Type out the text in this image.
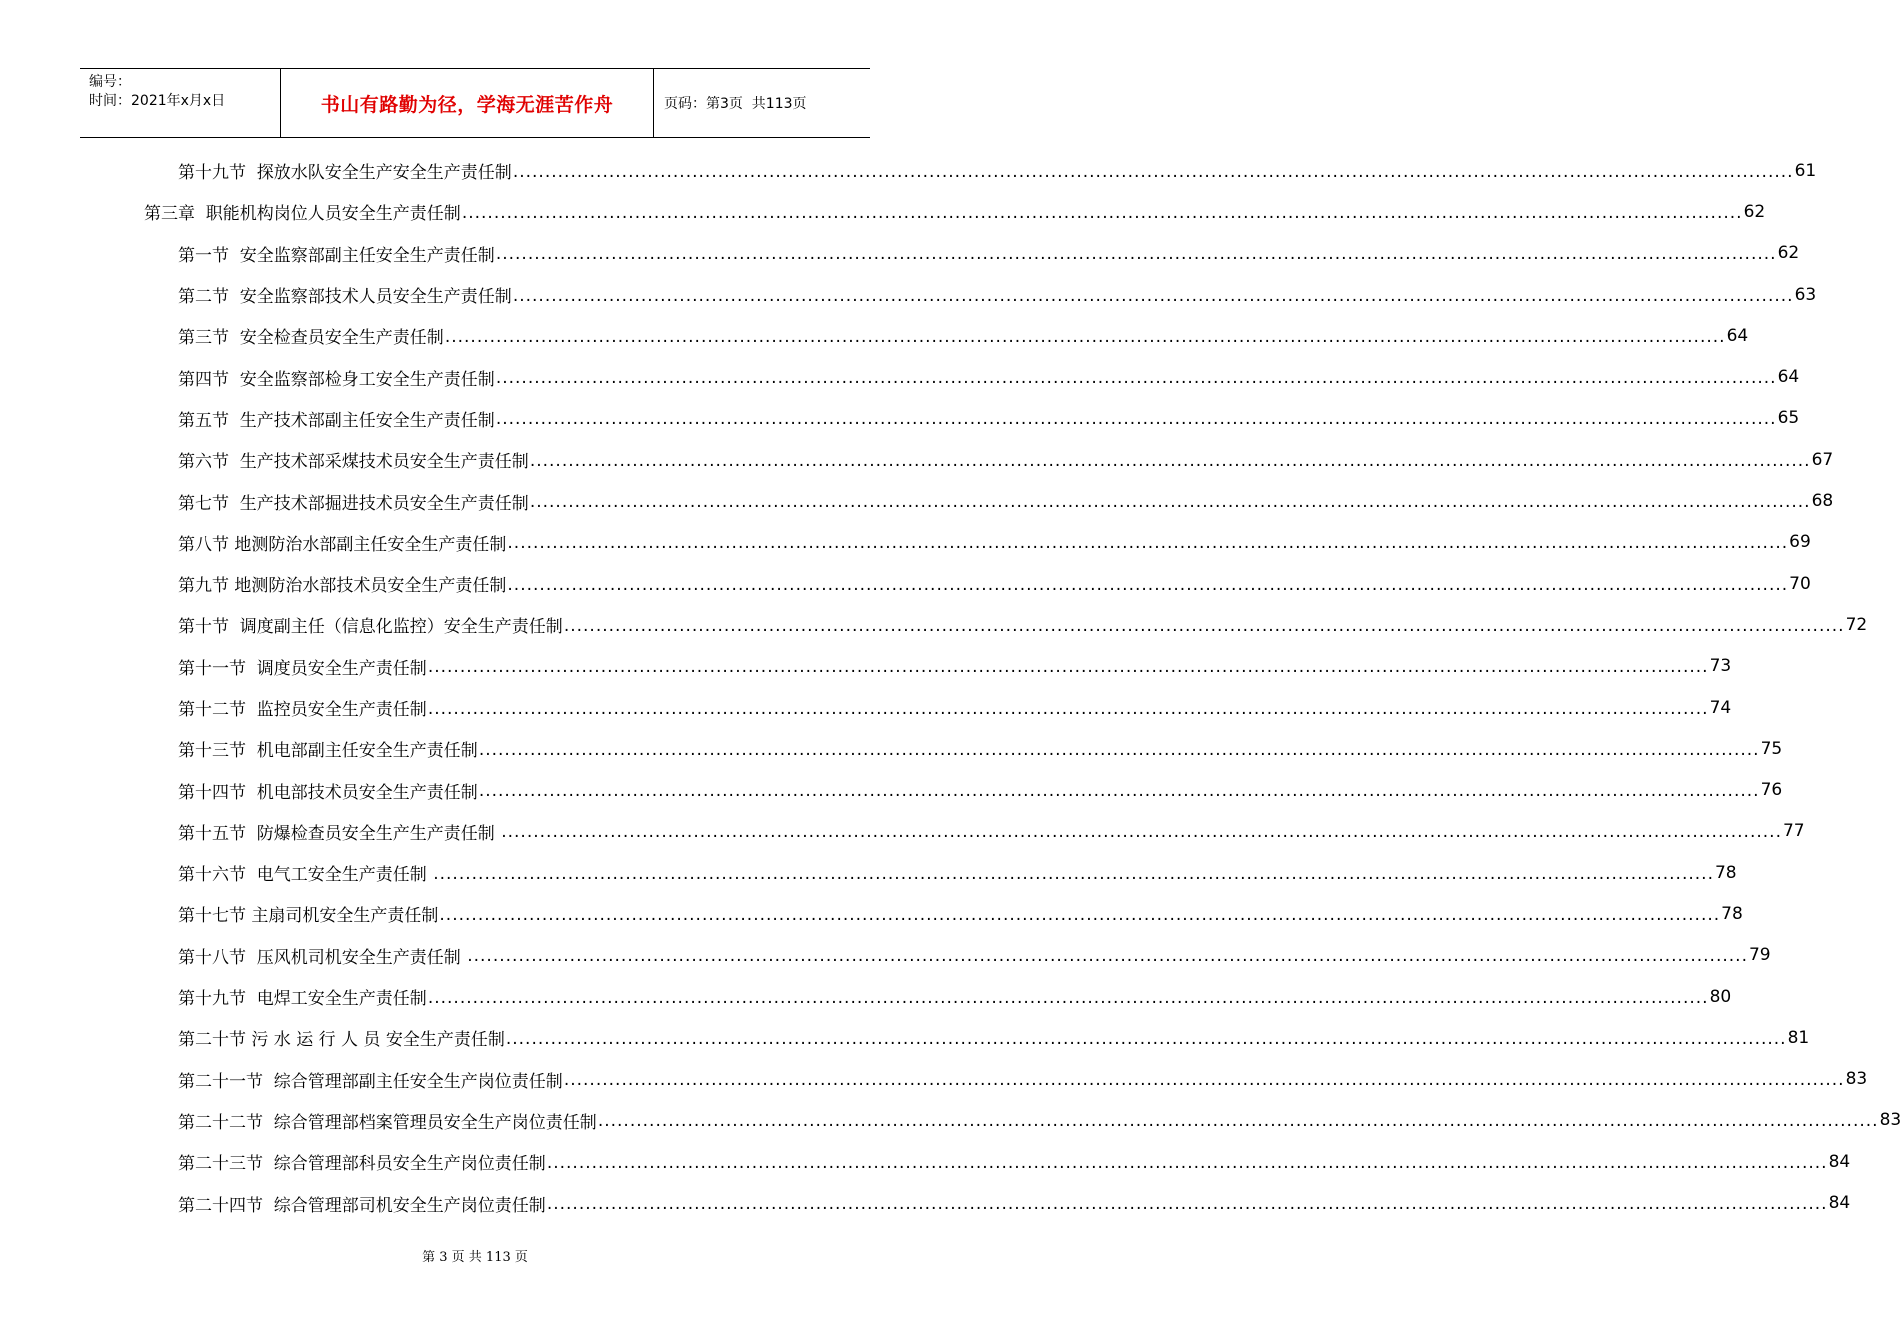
编号：
时间：2021年x月x日	书山有路勤为径，学海无涯苦作舟	页码：第3页  共113页
第十九节  探放水队安全生产安全生产责任制 ........................................................................................................................................................................................................ 61
第三章  职能机构岗位人员安全生产责任制 ........................................................................................................................................................................................................ 62
第一节  安全监察部副主任安全生产责任制 ........................................................................................................................................................................................................ 62
第二节  安全监察部技术人员安全生产责任制 ........................................................................................................................................................................................................ 63
第三节  安全检查员安全生产责任制 ........................................................................................................................................................................................................ 64
第四节  安全监察部检身工安全生产责任制 ........................................................................................................................................................................................................ 64
第五节  生产技术部副主任安全生产责任制 ........................................................................................................................................................................................................ 65
第六节  生产技术部采煤技术员安全生产责任制 ........................................................................................................................................................................................................ 67
第七节  生产技术部掘进技术员安全生产责任制 ........................................................................................................................................................................................................ 68
第八节 地测防治水部副主任安全生产责任制 ........................................................................................................................................................................................................ 69
第九节 地测防治水部技术员安全生产责任制 ........................................................................................................................................................................................................ 70
第十节  调度副主任（信息化监控）安全生产责任制 ........................................................................................................................................................................................................ 72
第十一节  调度员安全生产责任制 ........................................................................................................................................................................................................ 73
第十二节  监控员安全生产责任制 ........................................................................................................................................................................................................ 74
第十三节  机电部副主任安全生产责任制 ........................................................................................................................................................................................................ 75
第十四节  机电部技术员安全生产责任制 ........................................................................................................................................................................................................ 76
第十五节  防爆检查员安全生产生产责任制 ........................................................................................................................................................................................................ 77
第十六节  电气工安全生产责任制 ........................................................................................................................................................................................................ 78
第十七节 主扇司机安全生产责任制 ........................................................................................................................................................................................................ 78
第十八节  压风机司机安全生产责任制 ........................................................................................................................................................................................................ 79
第十九节  电焊工安全生产责任制 ........................................................................................................................................................................................................ 80
第二十节 污 水 运 行 人 员 安全生产责任制 ........................................................................................................................................................................................................ 81
第二十一节  综合管理部副主任安全生产岗位责任制 ........................................................................................................................................................................................................ 83
第二十二节  综合管理部档案管理员安全生产岗位责任制 ........................................................................................................................................................................................................ 83
第二十三节  综合管理部科员安全生产岗位责任制 ........................................................................................................................................................................................................ 84
第二十四节  综合管理部司机安全生产岗位责任制 ........................................................................................................................................................................................................ 84
第 3 页 共 113 页
